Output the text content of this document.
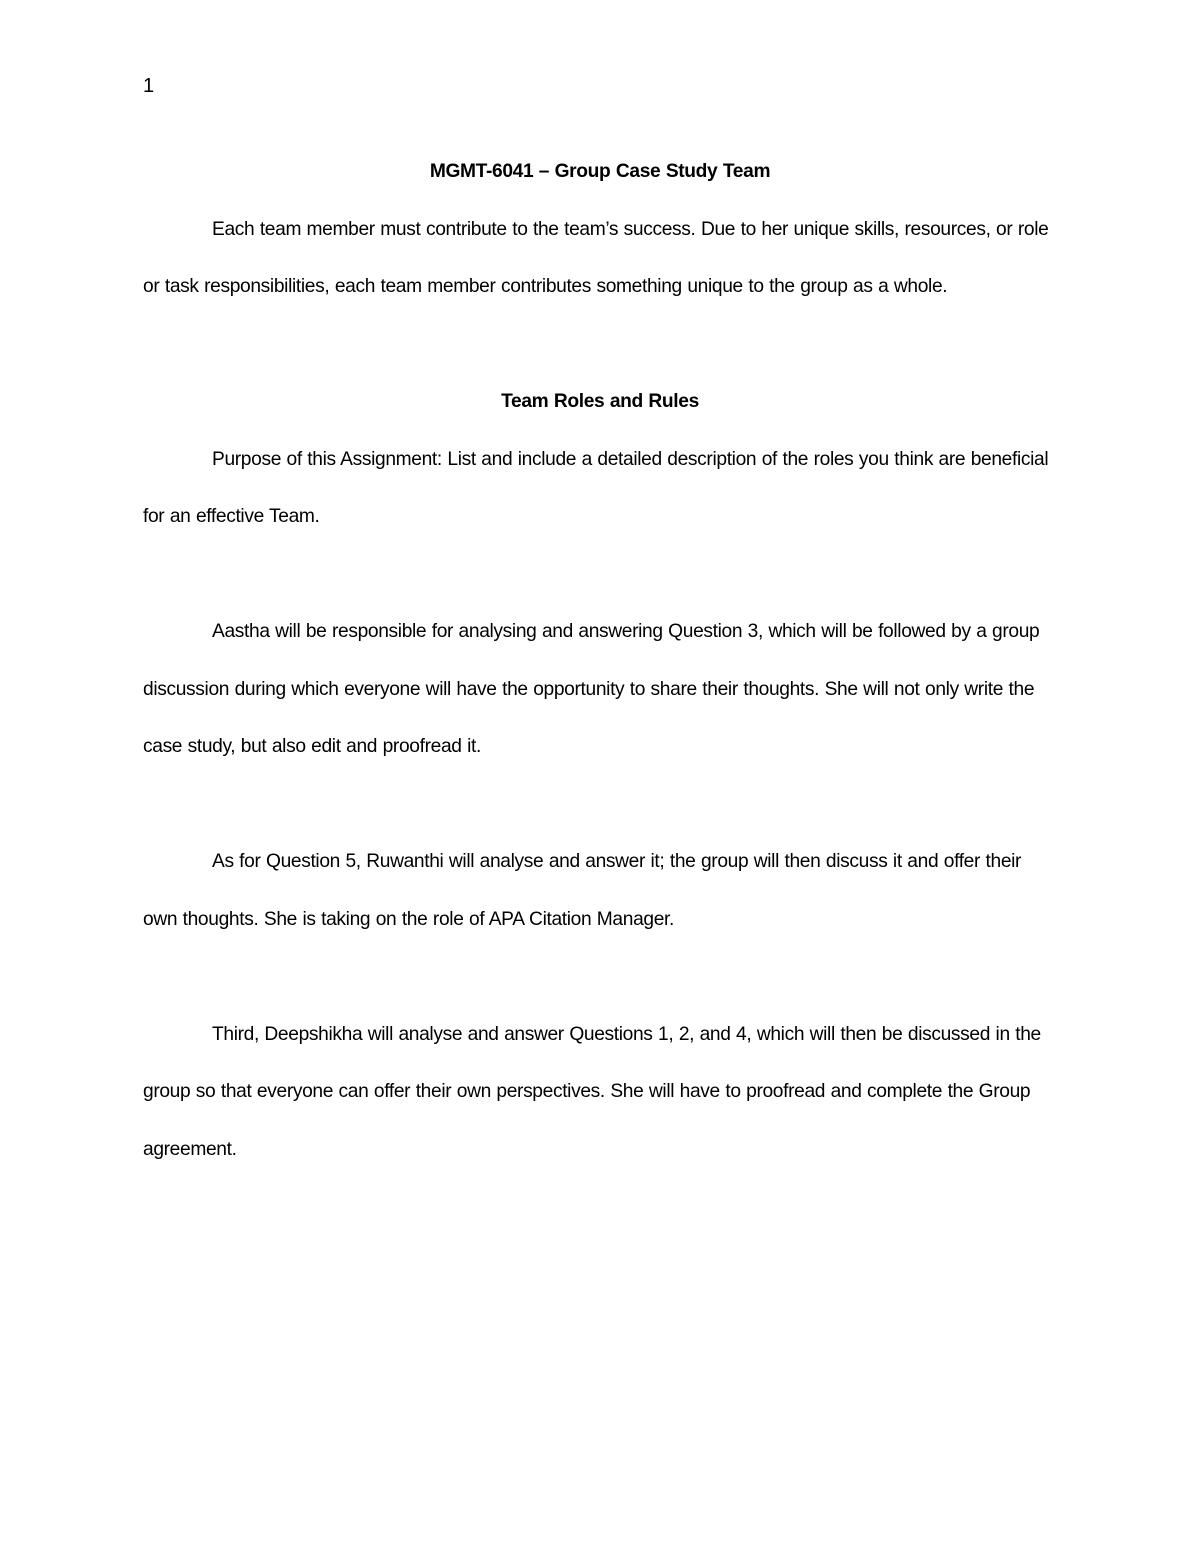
1

MGMT-6041 – Group Case Study Team

Each team member must contribute to the team’s success. Due to her unique skills, resources, or role or task responsibilities, each team member contributes something unique to the group as a whole.

Team Roles and Rules

Purpose of this Assignment: List and include a detailed description of the roles you think are beneficial for an effective Team.

Aastha will be responsible for analysing and answering Question 3, which will be followed by a group discussion during which everyone will have the opportunity to share their thoughts. She will not only write the case study, but also edit and proofread it.

As for Question 5, Ruwanthi will analyse and answer it; the group will then discuss it and offer their own thoughts. She is taking on the role of APA Citation Manager.

Third, Deepshikha will analyse and answer Questions 1, 2, and 4, which will then be discussed in the group so that everyone can offer their own perspectives. She will have to proofread and complete the Group agreement.
